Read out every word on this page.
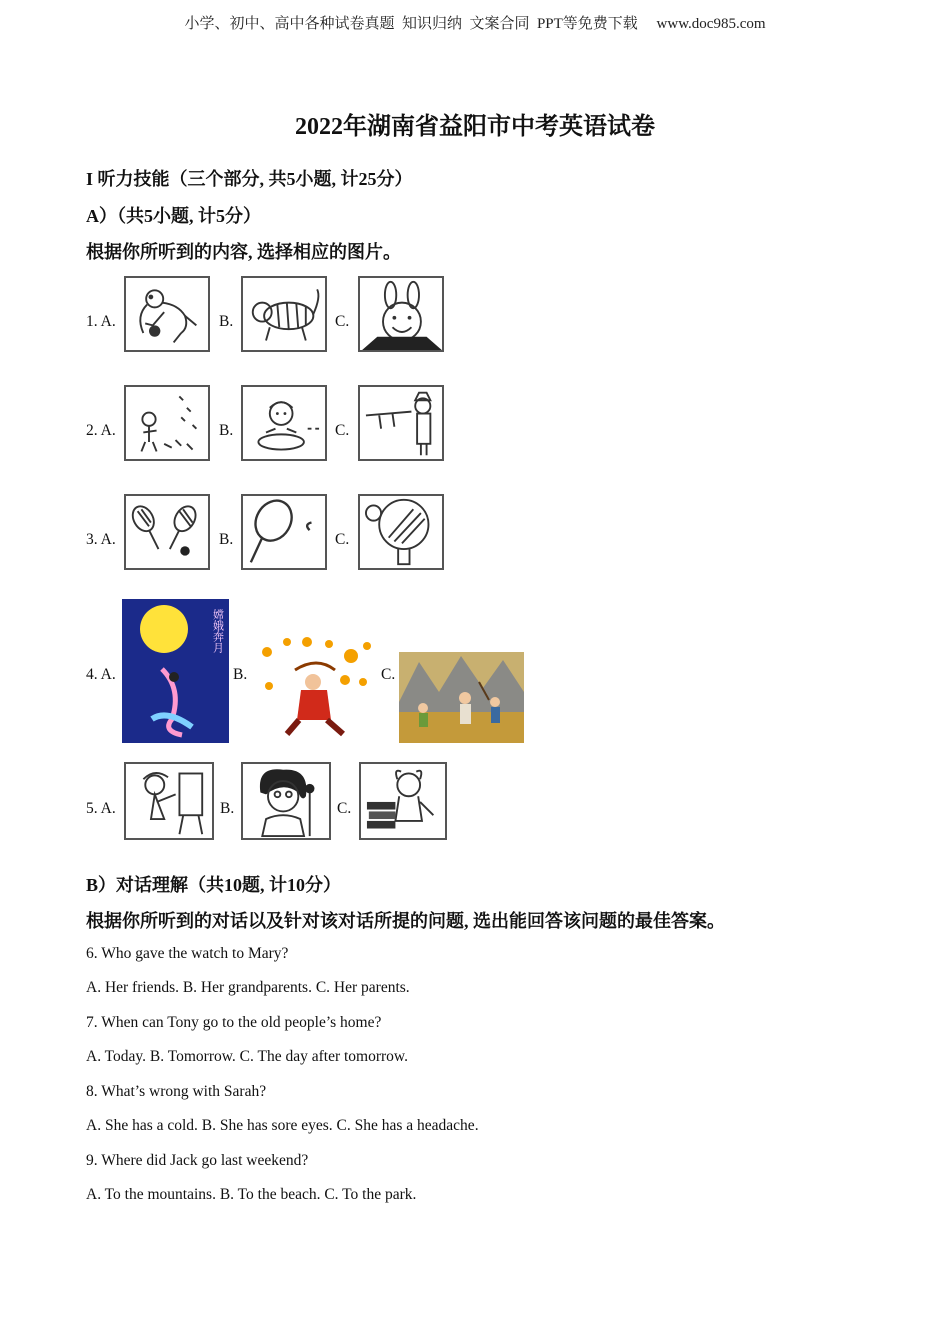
小学、初中、高中各种试卷真题  知识归纳  文案合同  PPT等免费下载     www.doc985.com
2022年湖南省益阳市中考英语试卷
I 听力技能（三个部分, 共5小题, 计25分）
A）（共5小题, 计5分）
根据你所听到的内容, 选择相应的图片。
1. A.	B.	C.
2. A.	B.	C.
3. A.	B.	C.
4. A.
嫦娥奔月
B.	C.
5. A.	B.	C.
B）对话理解（共10题, 计10分）
根据你所听到的对话以及针对该对话所提的问题, 选出能回答该问题的最佳答案。
6. Who gave the watch to Mary?
A. Her friends. B. Her grandparents. C. Her parents.
7. When can Tony go to the old people’s home?
A. Today. B. Tomorrow. C. The day after tomorrow.
8. What’s wrong with Sarah?
A. She has a cold. B. She has sore eyes. C. She has a headache.
9. Where did Jack go last weekend?
A. To the mountains. B. To the beach. C. To the park.
